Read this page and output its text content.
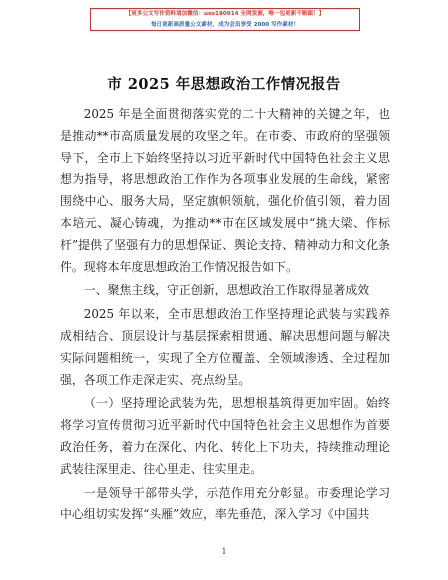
【更多公文写作资料请加微信：uso180914 全网货源，唯一包更新不断跟！】
每日更新高质量公文素材，成为会员享受 2000 写作素材！
市 2025 年思想政治工作情况报告

2025 年是全面贯彻落实党的二十大精神的关键之年，也是推动**市高质量发展的攻坚之年。在市委、市政府的坚强领导下，全市上下始终坚持以习近平新时代中国特色社会主义思想为指导，将思想政治工作作为各项事业发展的生命线，紧密围绕中心、服务大局，坚定旗帜领航，强化价值引领，着力固本培元、凝心铸魂，为推动**市在区域发展中“挑大梁、作标杆”提供了坚强有力的思想保证、舆论支持、精神动力和文化条件。现将本年度思想政治工作情况报告如下。

一、聚焦主线，守正创新，思想政治工作取得显著成效

2025 年以来，全市思想政治工作坚持理论武装与实践养成相结合、顶层设计与基层探索相贯通、解决思想问题与解决实际问题相统一，实现了全方位覆盖、全领域渗透、全过程加强，各项工作走深走实、亮点纷呈。

（一）坚持理论武装为先，思想根基筑得更加牢固。始终将学习宣传贯彻习近平新时代中国特色社会主义思想作为首要政治任务，着力在深化、内化、转化上下功夫，持续推动理论武装往深里走、往心里走、往实里走。

一是领导干部带头学，示范作用充分彰显。市委理论学习中心组切实发挥“头雁”效应，率先垂范，深入学习《中国共

1
